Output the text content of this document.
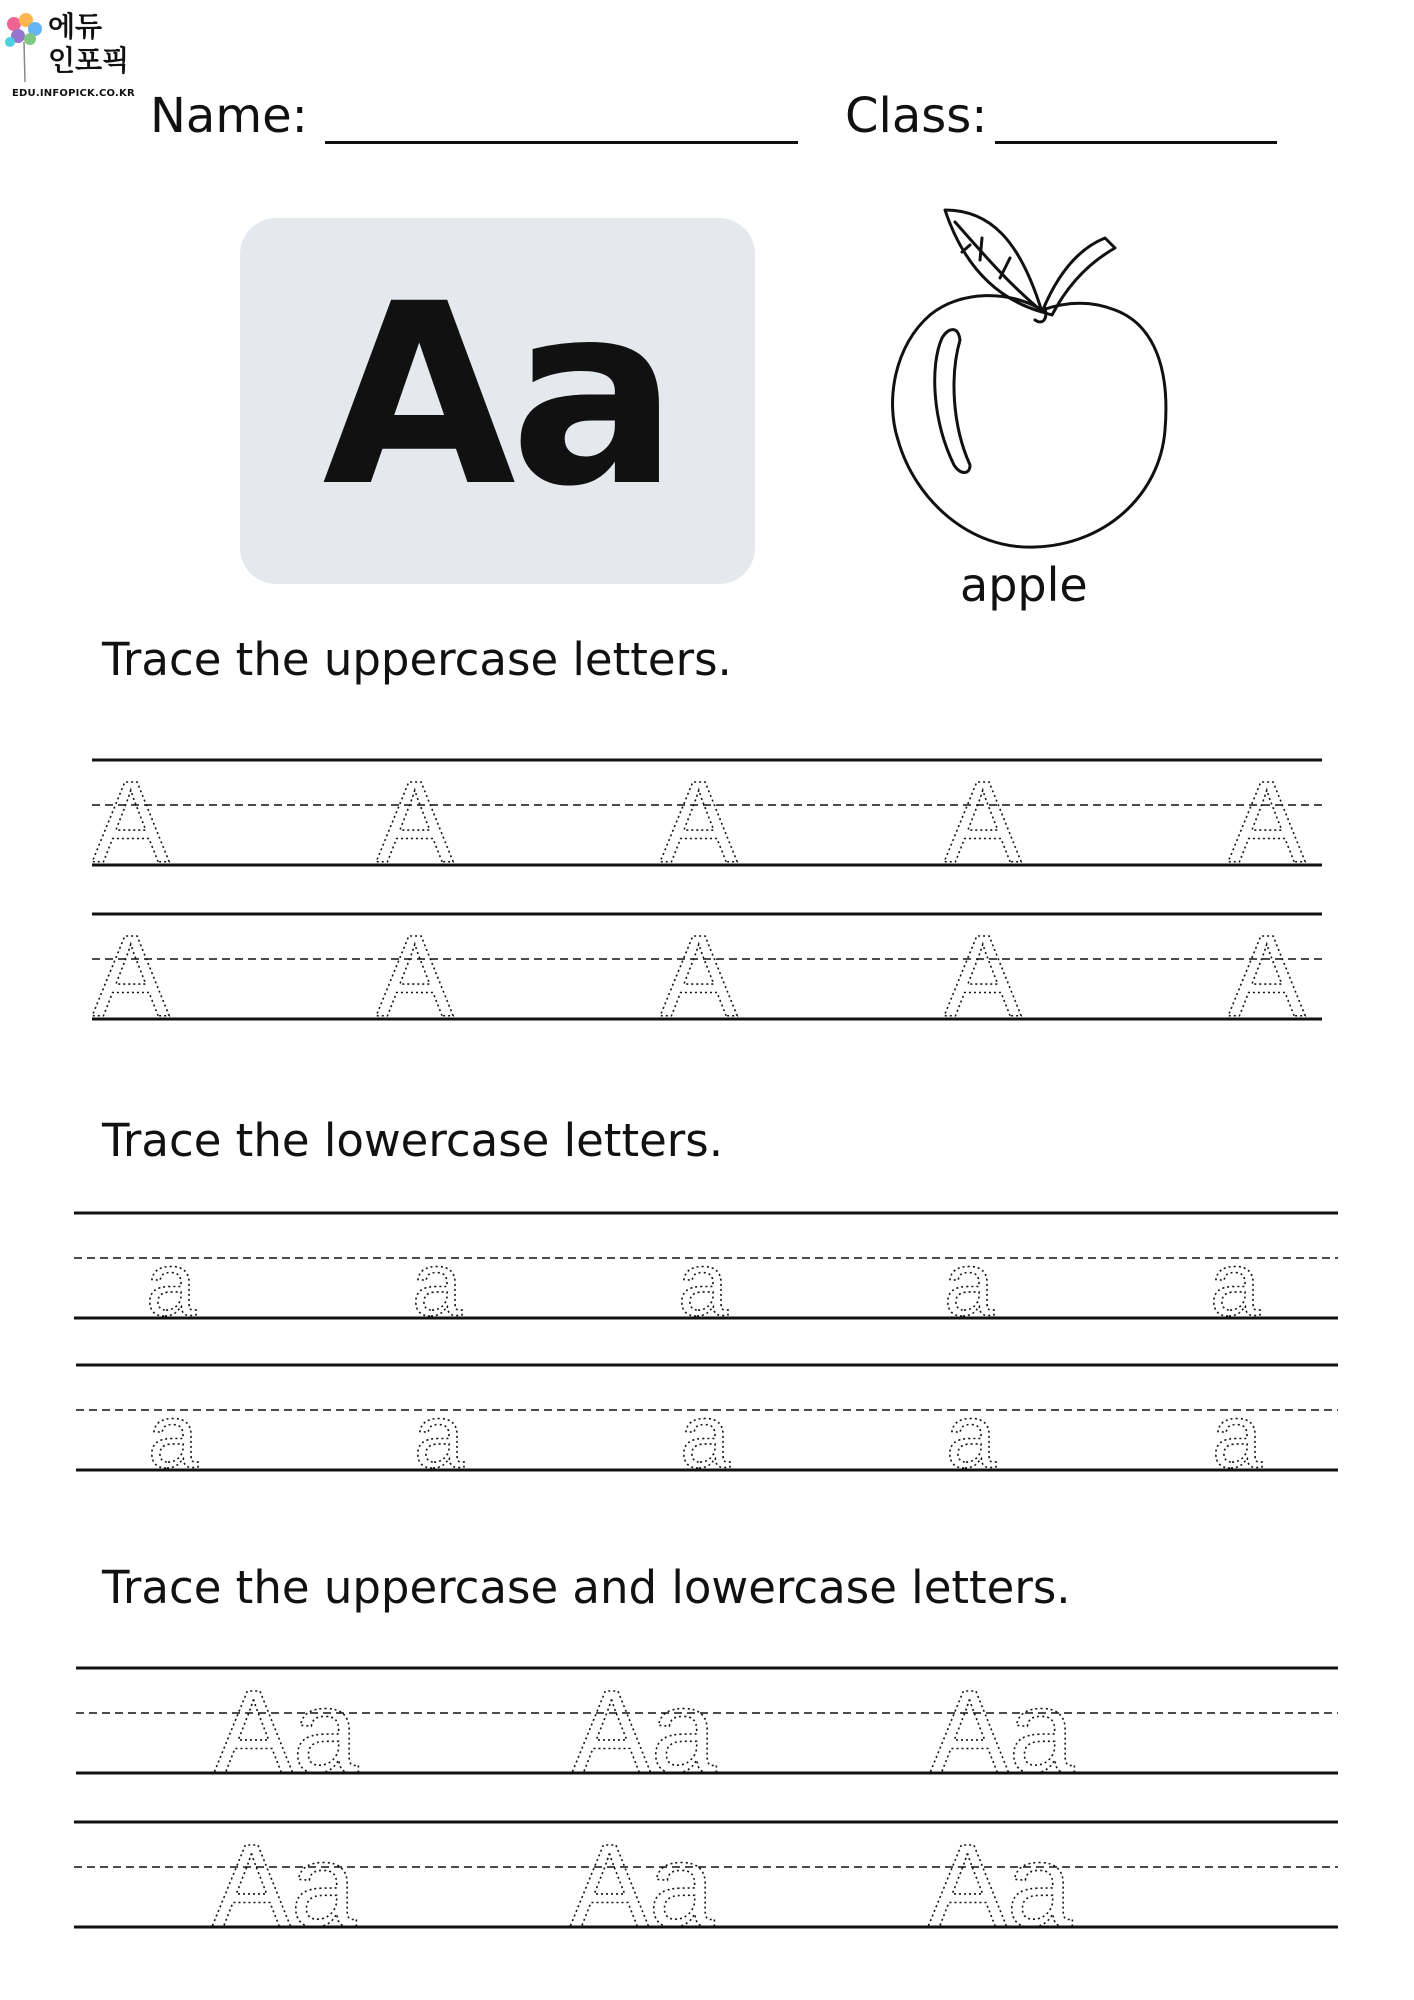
에듀
인포픽
EDU.INFOPICK.CO.KR Name:	Class:
Aa
apple
Trace the uppercase letters.
A A A A A
A A A A A
Trace the lowercase letters.
a a a a a
a a a a a
Trace the uppercase and lowercase letters.
Aa Aa Aa
Aa Aa Aa
